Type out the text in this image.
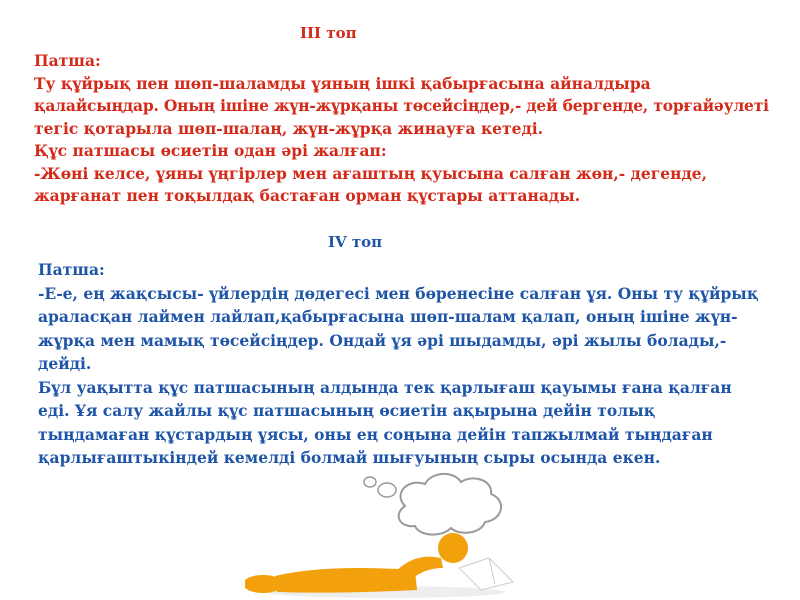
ІІІ топ
Патша:
Ту құйрық пен шөп-шаламды ұяның ішкі қабырғасына айналдыра
қалайсыңдар. Оның ішіне жүн-жұрқаны төсейсіңдер,- дей бергенде, торғайәулеті
тегіс қотарыла шөп-шалаң, жүн-жұрқа жинауға кетеді.
Құс патшасы өсиетін одан әрі жалғап:
-Жөні келсе, ұяны үңгірлер мен ағаштың қуысына салған жөн,- дегенде,
жарғанат пен тоқылдақ бастаған орман құстары аттанады.
ІV топ
Патша:
-Е-е, ең жақсысы- үйлердің дөдегесі мен бөренесіне салған ұя. Оны ту құйрық
араласқан лаймен лайлап,қабырғасына шөп-шалам қалап, оның ішіне жүн-
жұрқа мен мамық төсейсіңдер. Ондай ұя әрі шыдамды, әрі жылы болады,-
дейді.
Бұл уақытта құс патшасының алдында тек қарлығаш қауымы ғана қалған
еді. Ұя салу жайлы құс патшасының өсиетін ақырына дейін толық
тыңдамаған құстардың ұясы, оны ең соңына дейін тапжылмай тыңдаған
қарлығаштыкіндей кемелді болмай шығуының сыры осында екен.
